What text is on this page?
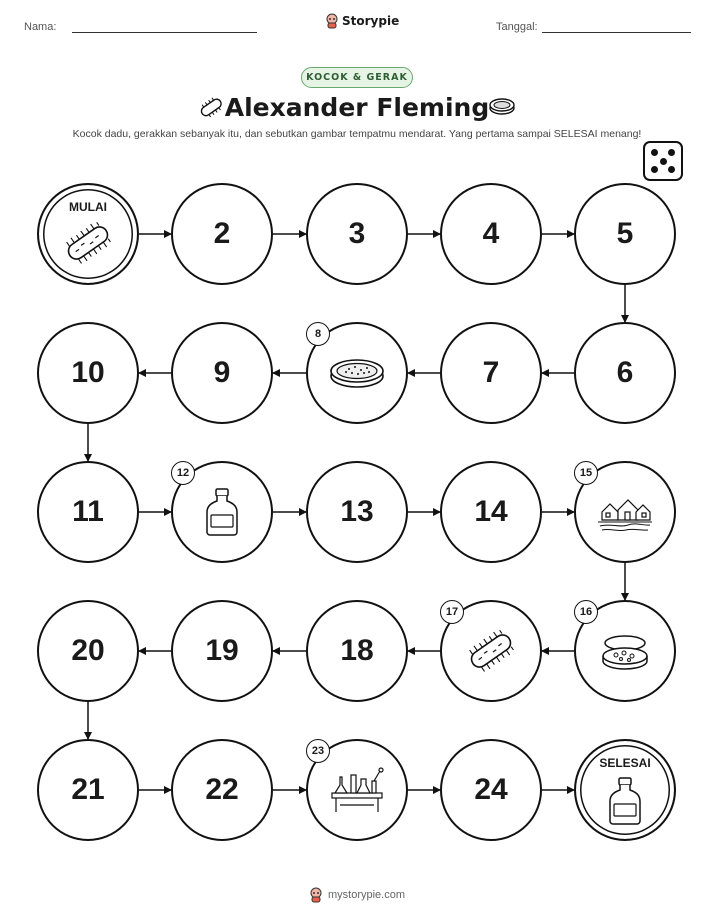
Nama:	Storypie	Tanggal:
KOCOK & GERAK
Alexander Fleming
Kocok dadu, gerakkan sebanyak itu, dan sebutkan gambar tempatmu mendarat. Yang pertama sampai SELESAI menang!
MULAI
2	3	4	5
6
7
8
9
10
11
12
13	14
15
16
17
18
19
20
21	22
23
24
SELESAI
mystorypie.com
